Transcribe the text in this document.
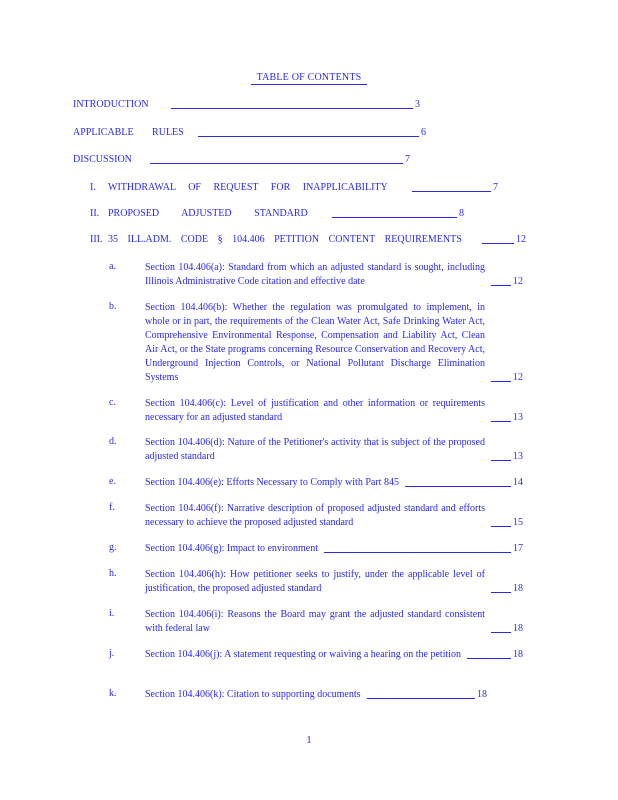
TABLE OF CONTENTS
INTRODUCTION	3
APPLICABLE RULES	6
DISCUSSION	7
I. WITHDRAWAL OF REQUEST FOR INAPPLICABILITY	7
II. PROPOSED ADJUSTED STANDARD	8
III. 35 ILL.ADM. CODE § 104.406 PETITION CONTENT REQUIREMENTS	12
a.	Section 104.406(a): Standard from which an adjusted standard is sought, including Illinois Administrative Code citation and effective date	12
b.	Section 104.406(b): Whether the regulation was promulgated to implement, in whole or in part, the requirements of the Clean Water Act, Safe Drinking Water Act, Comprehensive Environmental Response, Compensation and Liability Act, Clean Air Act, or the State programs concerning Resource Conservation and Recovery Act, Underground Injection Controls, or National Pollutant Discharge Elimination Systems	12
c.	Section 104.406(c): Level of justification and other information or requirements necessary for an adjusted standard	13
d.	Section 104.406(d): Nature of the Petitioner's activity that is subject of the proposed adjusted standard	13
e.	Section 104.406(e): Efforts Necessary to Comply with Part 845	14
f.	Section 104.406(f): Narrative description of proposed adjusted standard and efforts necessary to achieve the proposed adjusted standard	15
g.	Section 104.406(g): Impact to environment	17
h.	Section 104.406(h): How petitioner seeks to justify, under the applicable level of justification, the proposed adjusted standard	18
i.	Section 104.406(i): Reasons the Board may grant the adjusted standard consistent with federal law	18
j.	Section 104.406(j): A statement requesting or waiving a hearing on the petition	18
k.	Section 104.406(k): Citation to supporting documents	18
1
